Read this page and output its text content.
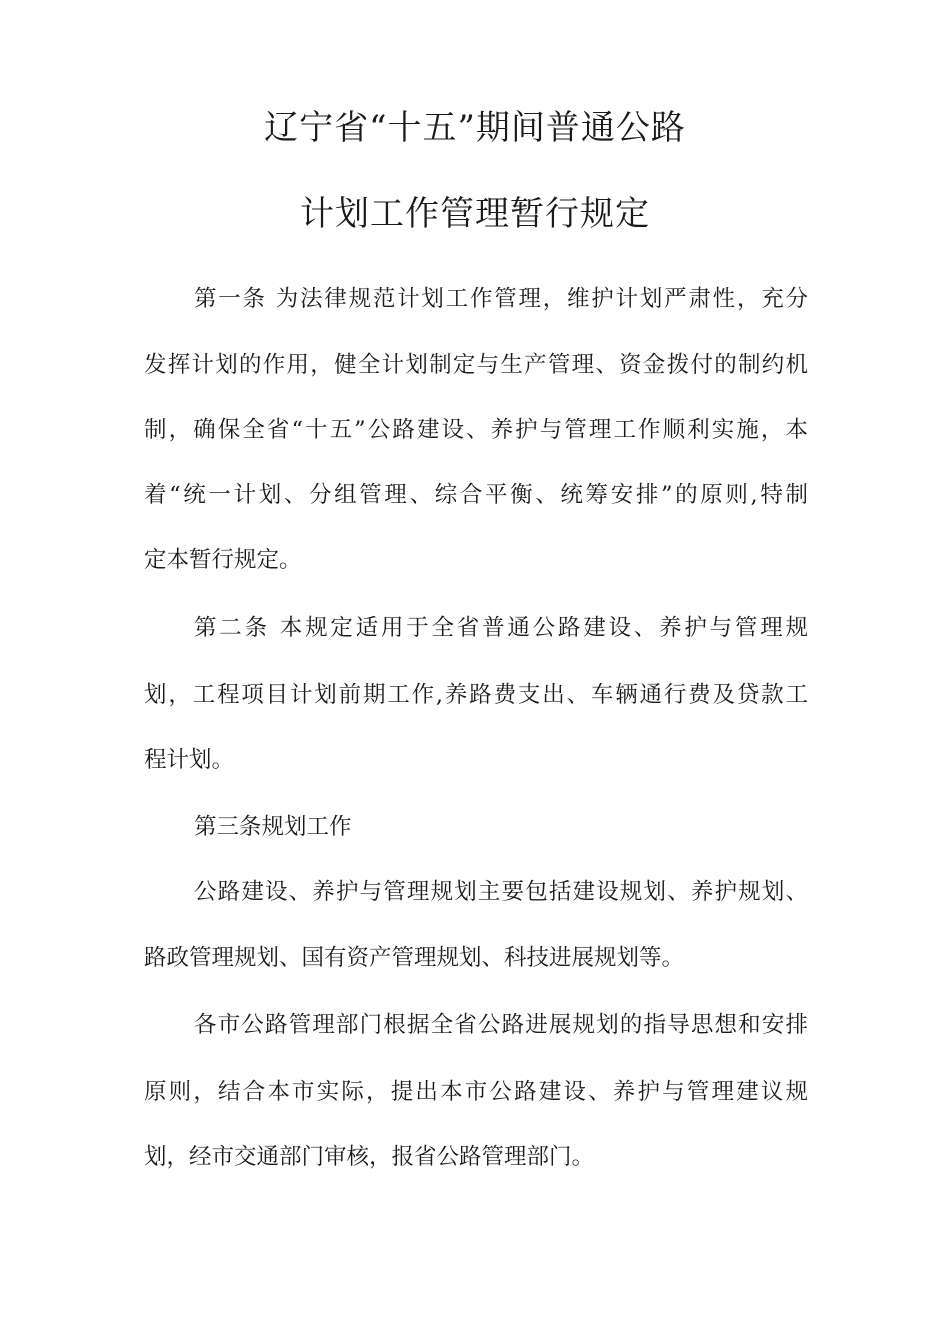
辽宁省“十五”期间普通公路
计划工作管理暂行规定

第一条 为法律规范计划工作管理，维护计划严肃性，充分

发挥计划的作用，健全计划制定与生产管理、资金拨付的制约机

制，确保全省“十五”公路建设、养护与管理工作顺利实施，本

着“统一计划、分组管理、综合平衡、统筹安排”的原则,特制

定本暂行规定。

第二条 本规定适用于全省普通公路建设、养护与管理规

划，工程项目计划前期工作,养路费支出、车辆通行费及贷款工

程计划。

第三条规划工作

公路建设、养护与管理规划主要包括建设规划、养护规划、

路政管理规划、国有资产管理规划、科技进展规划等。

各市公路管理部门根据全省公路进展规划的指导思想和安排

原则，结合本市实际，提出本市公路建设、养护与管理建议规

划，经市交通部门审核，报省公路管理部门。
